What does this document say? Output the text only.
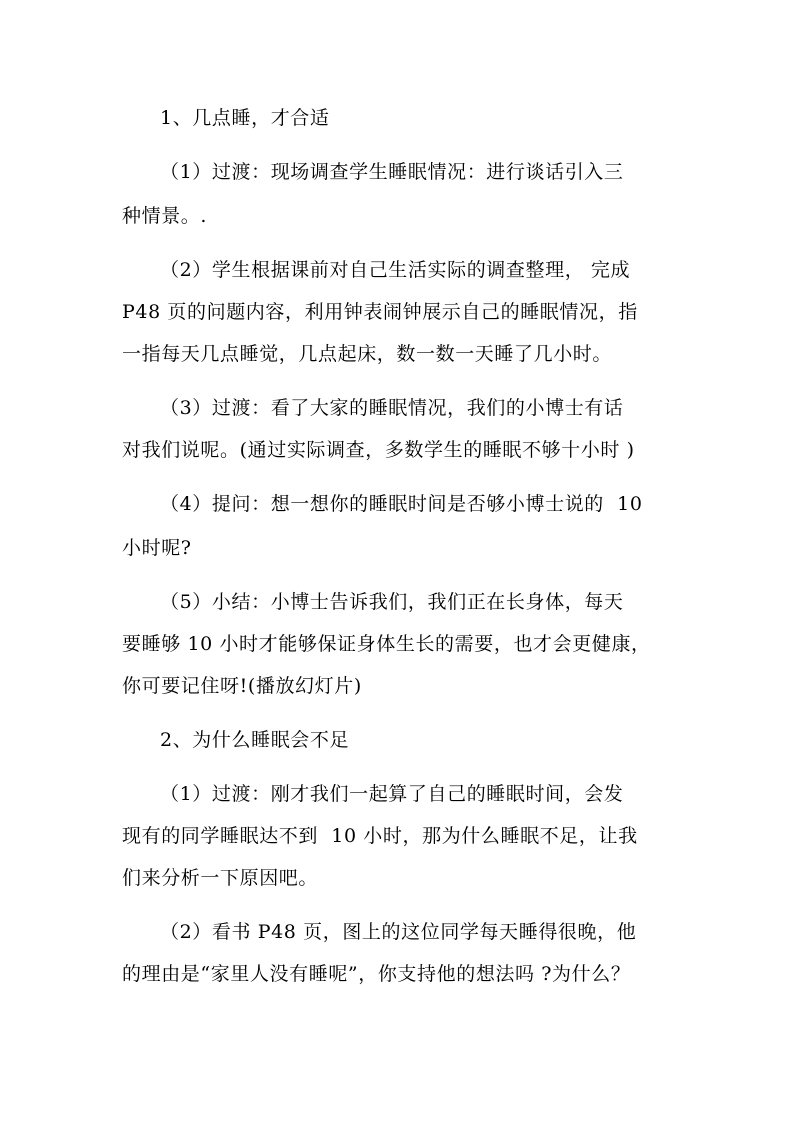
1、几点睡，才合适
（1）过渡：现场调查学生睡眠情况：进行谈话引入三
种情景。.
（2）学生根据课前对自己生活实际的调查整理， 完成
P48 页的问题内容，利用钟表闹钟展示自己的睡眠情况，指
一指每天几点睡觉，几点起床，数一数一天睡了几小时。
（3）过渡：看了大家的睡眠情况，我们的小博士有话
对我们说呢。(通过实际调查，多数学生的睡眠不够十小时 )
（4）提问：想一想你的睡眠时间是否够小博士说的  10
小时呢?
（5）小结：小博士告诉我们，我们正在长身体，每天
要睡够 10 小时才能够保证身体生长的需要，也才会更健康，
你可要记住呀!(播放幻灯片)
2、为什么睡眠会不足
（1）过渡：刚才我们一起算了自己的睡眠时间，会发
现有的同学睡眠达不到  10 小时，那为什么睡眠不足，让我
们来分析一下原因吧。
（2）看书 P48 页，图上的这位同学每天睡得很晚，他
的理由是“家里人没有睡呢”，你支持他的想法吗 ?为什么？
